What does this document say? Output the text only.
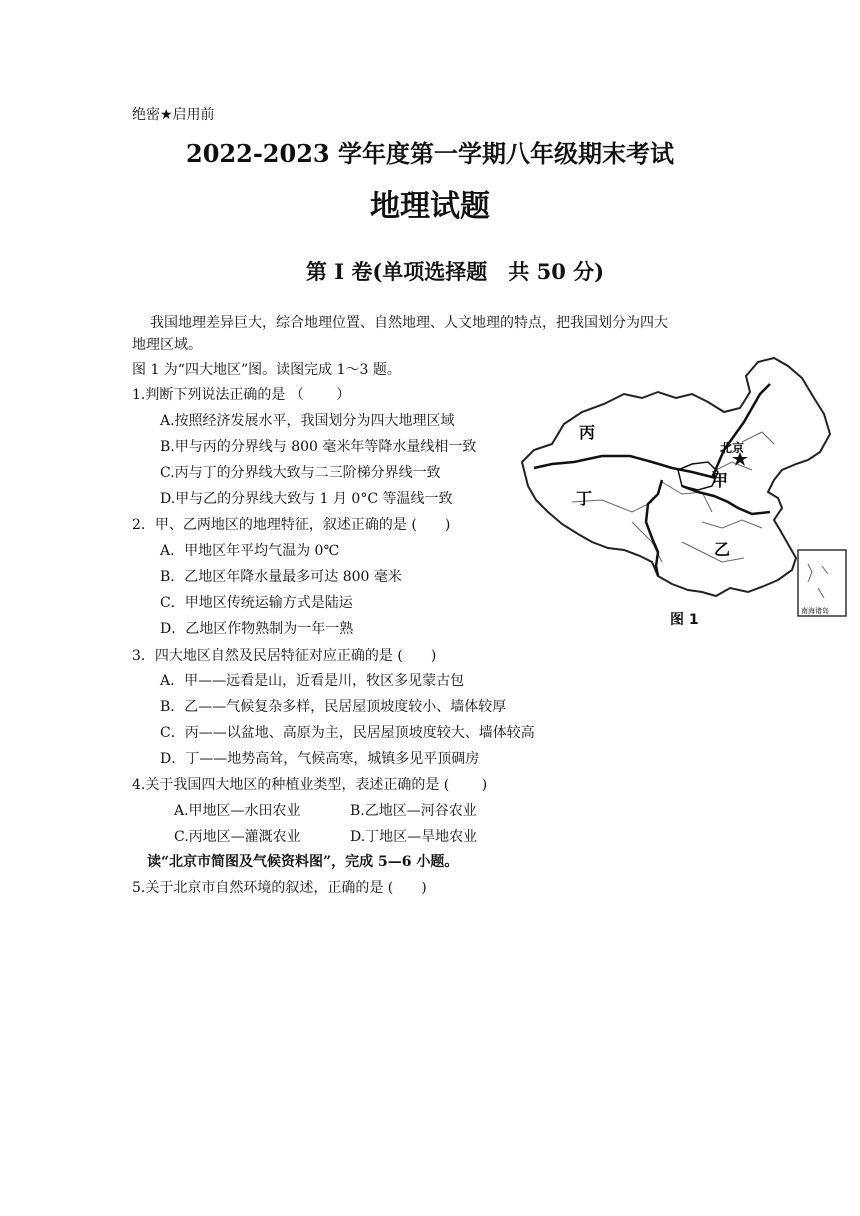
绝密★启用前
2022-2023 学年度第一学期八年级期末考试
地理试题
第 I 卷(单项选择题　共 50 分)
我国地理差异巨大，综合地理位置、自然地理、人文地理的特点，把我国划分为四大
地理区域。
图 1 为“四大地区”图。读图完成 1～3 题。
1.判断下列说法正确的是 （　　 ）
A.按照经济发展水平，我国划分为四大地理区域
B.甲与丙的分界线与 800 毫米年等降水量线相一致
C.丙与丁的分界线大致与二三阶梯分界线一致
D.甲与乙的分界线大致与 1 月 0°C 等温线一致
2．甲、乙两地区的地理特征，叙述正确的是 (　　)
A．甲地区年平均气温为 0℃
B．乙地区年降水量最多可达 800 毫米
C．甲地区传统运输方式是陆运
D．乙地区作物熟制为一年一熟
3．四大地区自然及民居特征对应正确的是 (　　)
A．甲——远看是山，近看是川，牧区多见蒙古包
B．乙——气候复杂多样，民居屋顶坡度较小、墙体较厚
C．丙——以盆地、高原为主，民居屋顶坡度较大、墙体较高
D．丁——地势高耸，气候高寒，城镇多见平顶碉房
4.关于我国四大地区的种植业类型，表述正确的是 (　　 )
A.甲地区—水田农业	B.乙地区—河谷农业
C.丙地区—灌溉农业	D.丁地区—旱地农业
读“北京市简图及气候资料图”，完成 5—6 小题。
5.关于北京市自然环境的叙述，正确的是 (　　)
丙
丁
甲
乙
北京
南海诸岛
图 1
